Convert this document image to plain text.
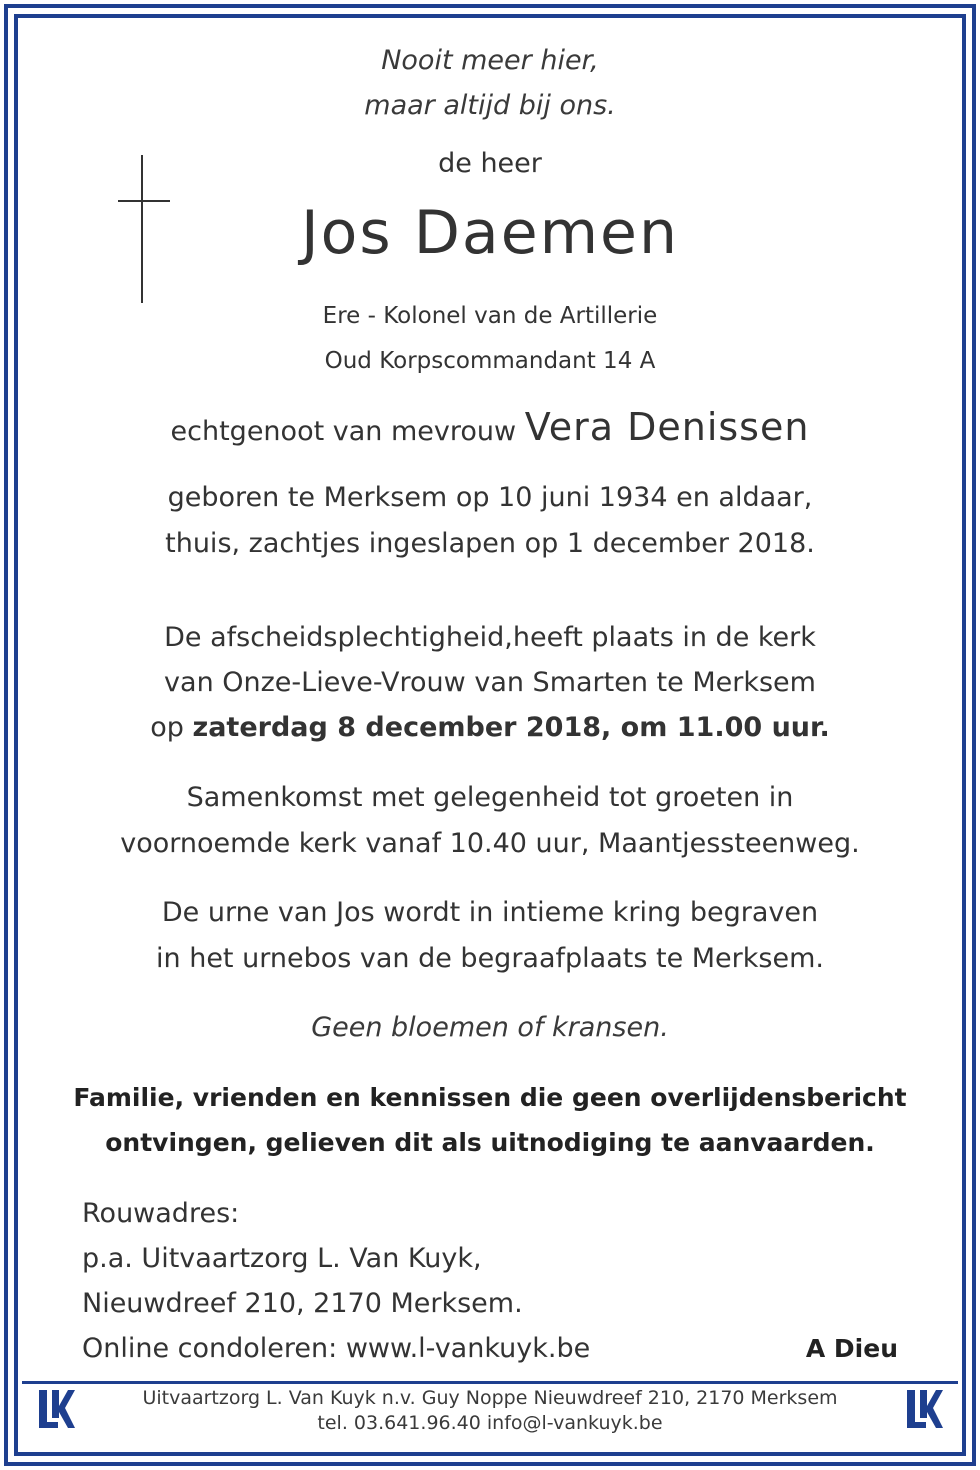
Nooit meer hier,

maar altijd bij ons.

de heer

Jos Daemen

Ere - Kolonel van de Artillerie

Oud Korpscommandant 14 A

echtgenoot van mevrouw Vera Denissen

geboren te Merksem op 10 juni 1934 en aldaar,

thuis, zachtjes ingeslapen op 1 december 2018.

De afscheidsplechtigheid,heeft plaats in de kerk

van Onze-Lieve-Vrouw van Smarten te Merksem

op zaterdag 8 december 2018, om 11.00 uur.

Samenkomst met gelegenheid tot groeten in

voornoemde kerk vanaf 10.40 uur, Maantjessteenweg.

De urne van Jos wordt in intieme kring begraven

in het urnebos van de begraafplaats te Merksem.

Geen bloemen of kransen.

Familie, vrienden en kennissen die geen overlijdensbericht

ontvingen, gelieven dit als uitnodiging te aanvaarden.

Rouwadres:

p.a. Uitvaartzorg L. Van Kuyk,

Nieuwdreef 210, 2170 Merksem.

Online condoleren: www.l-vankuyk.be	A Dieu

Uitvaartzorg L. Van Kuyk n.v. Guy Noppe Nieuwdreef 210, 2170 Merksem

tel. 03.641.96.40 info@l-vankuyk.be
